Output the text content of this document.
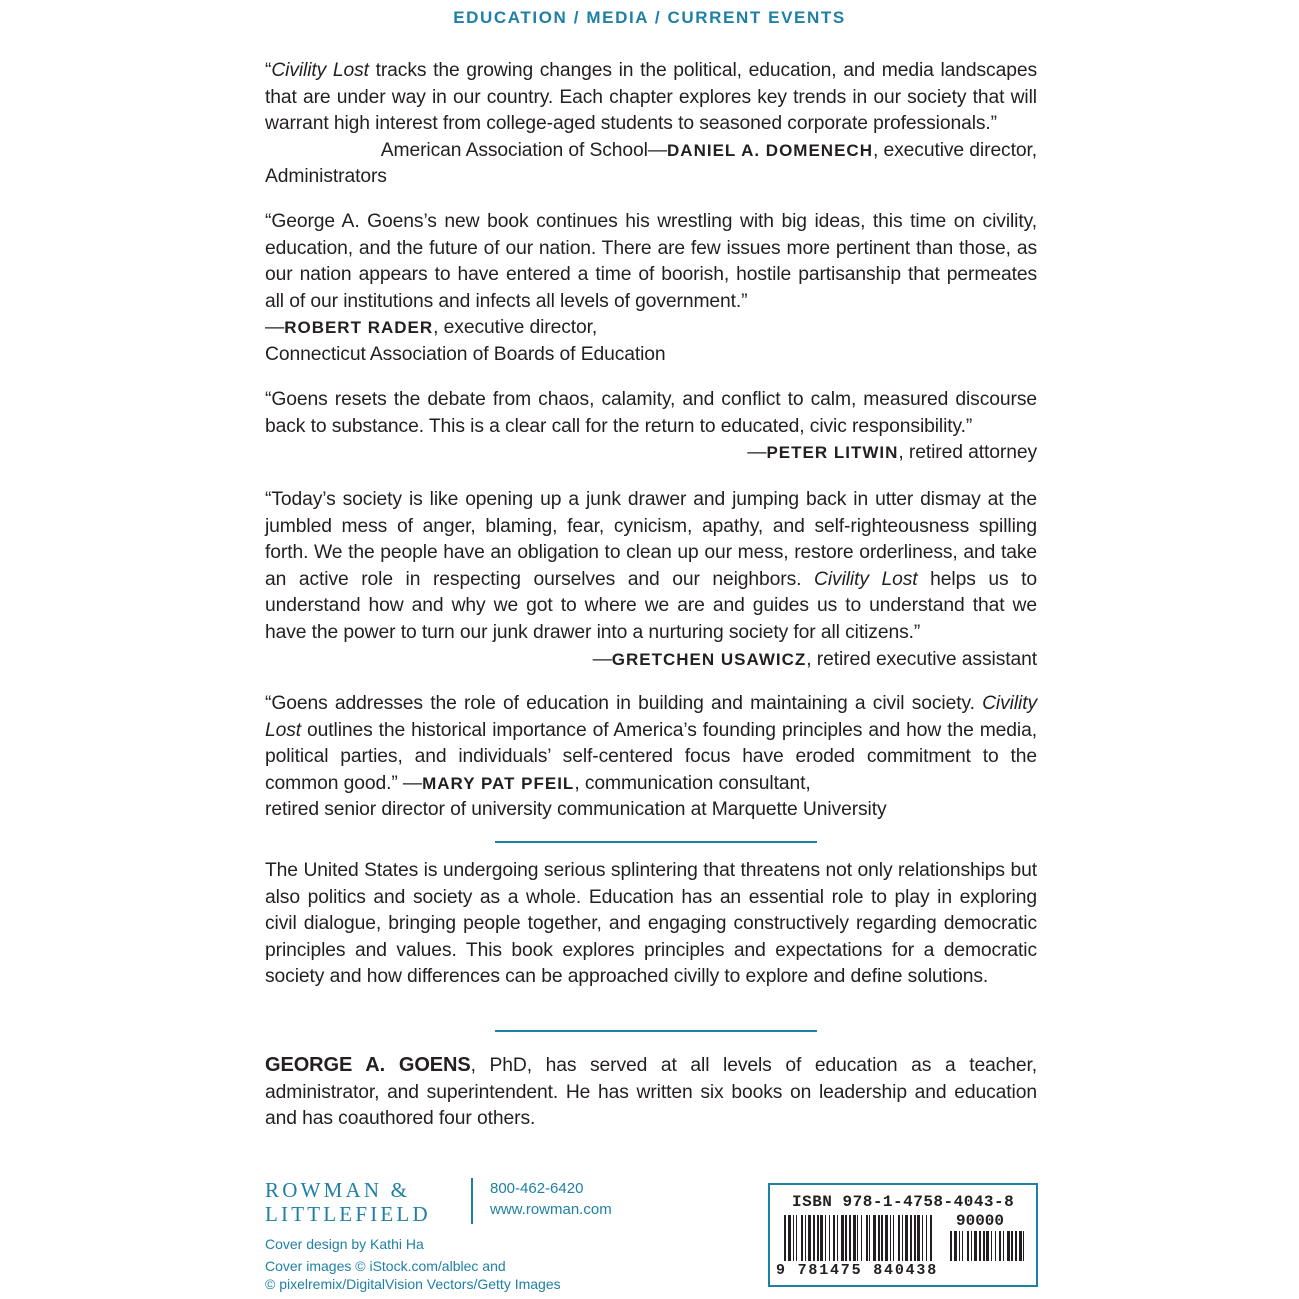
EDUCATION / MEDIA / CURRENT EVENTS

“Civility Lost tracks the growing changes in the political, education, and media landscapes that are under way in our country. Each chapter explores key trends in our society that will warrant high interest from college-aged students to seasoned corporate professionals.”
—DANIEL A. DOMENECH, executive director,

American Association of School Administrators

“George A. Goens’s new book continues his wrestling with big ideas, this time on civility, education, and the future of our nation. There are few issues more pertinent than those, as our nation appears to have entered a time of boorish, hostile partisanship that permeates all of our institutions and infects all levels of government.”

—ROBERT RADER, executive director,

Connecticut Association of Boards of Education

“Goens resets the debate from chaos, calamity, and conflict to calm, measured discourse back to substance. This is a clear call for the return to educated, civic responsibility.”
—PETER LITWIN, retired attorney

“Today’s society is like opening up a junk drawer and jumping back in utter dismay at the jumbled mess of anger, blaming, fear, cynicism, apathy, and self-righteousness spilling forth. We the people have an obligation to clean up our mess, restore orderliness, and take an active role in respecting ourselves and our neighbors. Civility Lost helps us to understand how and why we got to where we are and guides us to understand that we have the power to turn our junk drawer into a nurturing society for all citizens.”
—GRETCHEN USAWICZ, retired executive assistant

“Goens addresses the role of education in building and maintaining a civil society. Civility Lost outlines the historical importance of America’s founding principles and how the media, political parties, and individuals’ self-centered focus have eroded commitment to the common good.” —MARY PAT PFEIL, communication consultant,

retired senior director of university communication at Marquette University

The United States is undergoing serious splintering that threatens not only relationships but also politics and society as a whole. Education has an essential role to play in exploring civil dialogue, bringing people together, and engaging constructively regarding democratic principles and values. This book explores principles and expectations for a democratic society and how differences can be approached civilly to explore and define solutions.

GEORGE A. GOENS, PhD, has served at all levels of education as a teacher, administrator, and superintendent. He has written six books on leadership and education and has coauthored four others.

ROWMAN &
LITTLEFIELD
800-462-6420
www.rowman.com
Cover design by Kathi Ha
Cover images © iStock.com/alblec and
© pixelremix/DigitalVision Vectors/Getty Images
ISBN 978-1-4758-4043-8
90000
9 781475 840438
